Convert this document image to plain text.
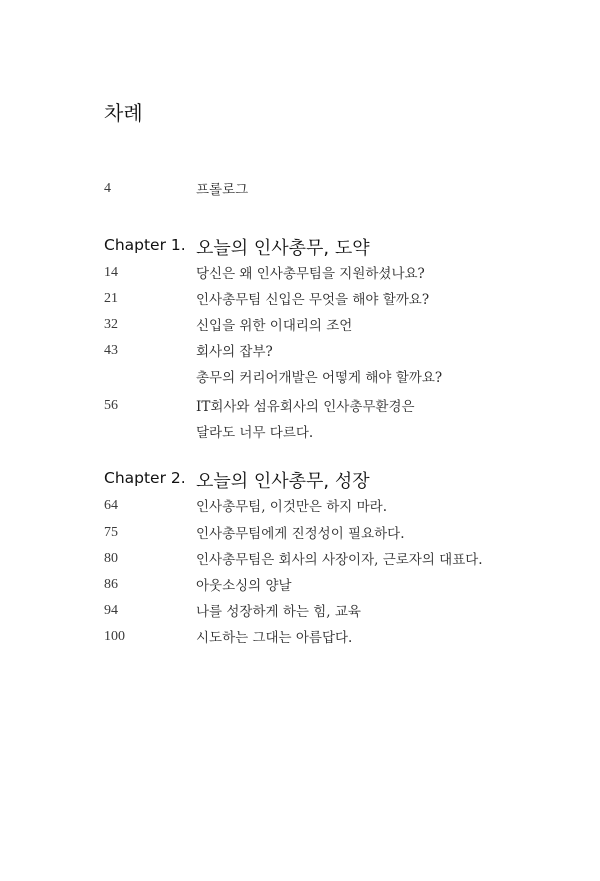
차례
4	프롤로그
Chapter 1. 오늘의 인사총무, 도약
14	당신은 왜 인사총무팀을 지원하셨나요?
21	인사총무팀 신입은 무엇을 해야 할까요?
32	신입을 위한 이대리의 조언
43	회사의 잡부?
총무의 커리어개발은 어떻게 해야 할까요?
56	IT회사와 섬유회사의 인사총무환경은
달라도 너무 다르다.
Chapter 2. 오늘의 인사총무, 성장
64	인사총무팀, 이것만은 하지 마라.
75	인사총무팀에게 진정성이 필요하다.
80	인사총무팀은 회사의 사장이자, 근로자의 대표다.
86	아웃소싱의 양날
94	나를 성장하게 하는 힘, 교육
100	시도하는 그대는 아름답다.
